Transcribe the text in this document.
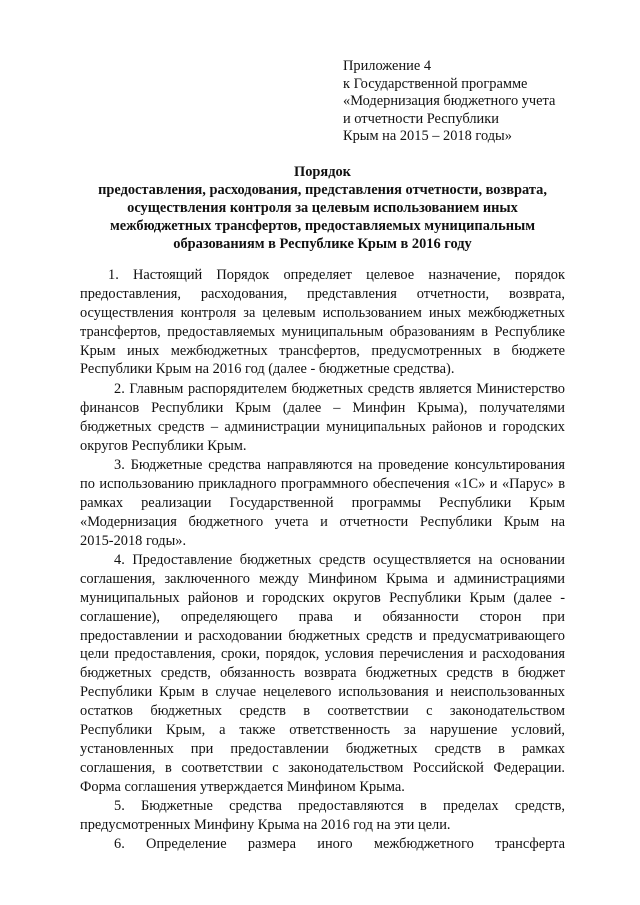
Приложение 4
к Государственной программе
«Модернизация бюджетного учета
и отчетности Республики
Крым на 2015 – 2018 годы»
Порядок
предоставления, расходования, представления отчетности, возврата,
осуществления контроля за целевым использованием иных
межбюджетных трансфертов, предоставляемых муниципальным
образованиям в Республике Крым в 2016 году
1. Настоящий Порядок определяет целевое назначение, порядок
предоставления, расходования, представления отчетности, возврата,
осуществления контроля за целевым использованием иных межбюджетных
трансфертов, предоставляемых муниципальным образованиям в Республике
Крым иных межбюджетных трансфертов, предусмотренных в бюджете
Республики Крым на 2016 год (далее - бюджетные средства).
2. Главным распорядителем бюджетных средств является Министерство
финансов Республики Крым (далее – Минфин Крыма), получателями
бюджетных средств – администрации муниципальных районов и городских
округов Республики Крым.
3. Бюджетные средства направляются на проведение консультирования
по использованию прикладного программного обеспечения «1С» и «Парус» в
рамках реализации Государственной программы Республики Крым
«Модернизация бюджетного учета и отчетности Республики Крым на
2015-2018 годы».
4. Предоставление бюджетных средств осуществляется на основании
соглашения, заключенного между Минфином Крыма и администрациями
муниципальных районов и городских округов Республики Крым (далее -
соглашение), определяющего права и обязанности сторон при
предоставлении и расходовании бюджетных средств и предусматривающего
цели предоставления, сроки, порядок, условия перечисления и расходования
бюджетных средств, обязанность возврата бюджетных средств в бюджет
Республики Крым в случае нецелевого использования и неиспользованных
остатков бюджетных средств в соответствии с законодательством
Республики Крым, а также ответственность за нарушение условий,
установленных при предоставлении бюджетных средств в рамках
соглашения, в соответствии с законодательством Российской Федерации.
Форма соглашения утверждается Минфином Крыма.
5. Бюджетные средства предоставляются в пределах средств,
предусмотренных Минфину Крыма на 2016 год на эти цели.
6. Определение размера иного межбюджетного трансферта
